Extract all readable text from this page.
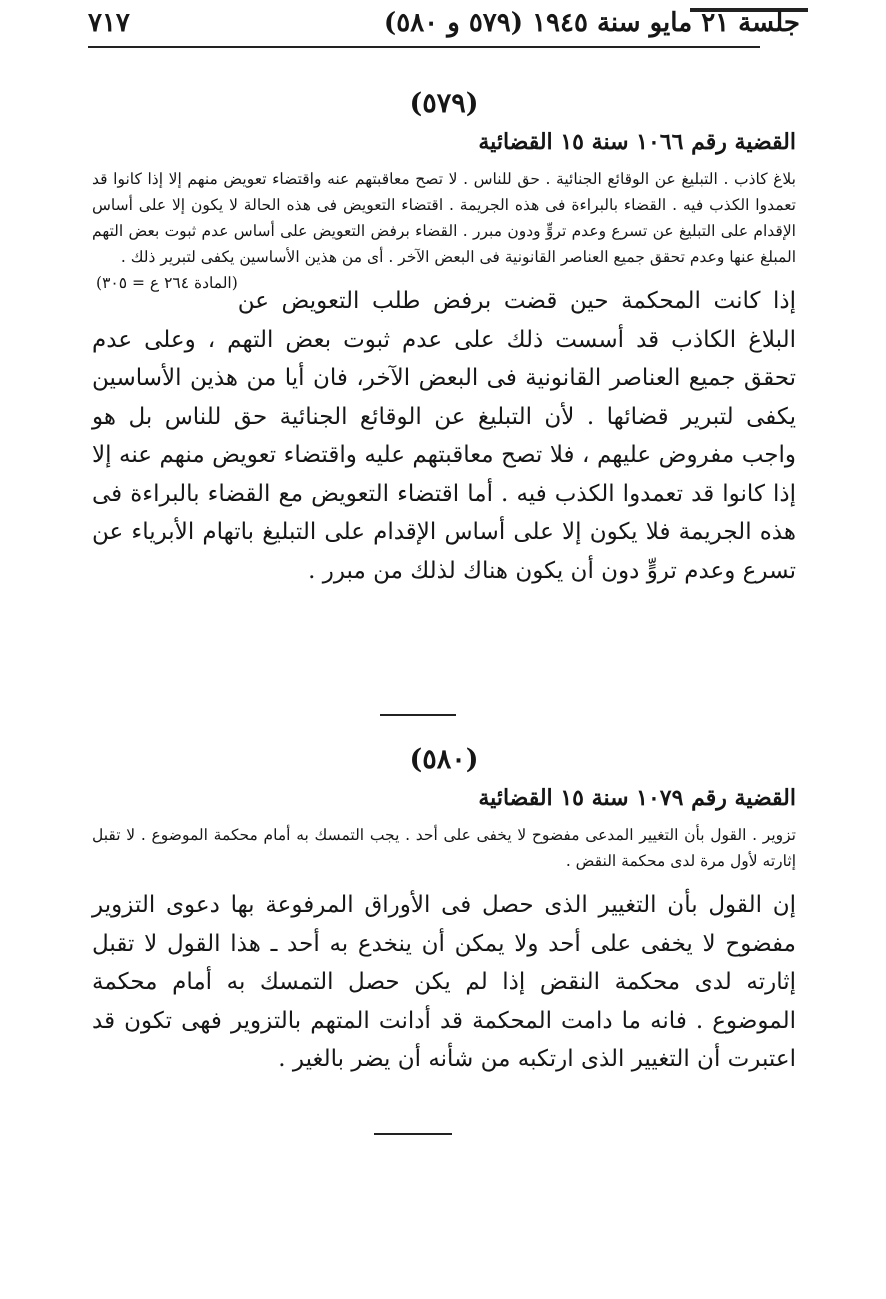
جلسة ٢١ مايو سنة ١٩٤٥ (٥٧٩ و ٥٨٠)
٧١٧

(٥٧٩)

القضية رقم ١٠٦٦ سنة ١٥ القضائية

بلاغ كاذب . التبليغ عن الوقائع الجنائية . حق للناس . لا تصح معاقبتهم عنه واقتضاء تعويض منهم إلا إذا كانوا قد تعمدوا الكذب فيه . القضاء بالبراءة فى هذه الجريمة . اقتضاء التعويض فى هذه الحالة لا يكون إلا على أساس الإقدام على التبليغ عن تسرع وعدم تروٍّ ودون مبرر . القضاء برفض التعويض على أساس عدم ثبوت بعض التهم المبلغ عنها وعدم تحقق جميع العناصر القانونية فى البعض الآخر . أى من هذين الأساسين يكفى لتبرير ذلك .
(المادة ٢٦٤ ع = ٣٠٥)

إذا كانت المحكمة حين قضت برفض طلب التعويض عن البلاغ الكاذب قد أسست ذلك على عدم ثبوت بعض التهم ، وعلى عدم تحقق جميع العناصر القانونية فى البعض الآخر، فان أيا من هذين الأساسين يكفى لتبرير قضائها . لأن التبليغ عن الوقائع الجنائية حق للناس بل هو واجب مفروض عليهم ، فلا تصح معاقبتهم عليه واقتضاء تعويض منهم عنه إلا إذا كانوا قد تعمدوا الكذب فيه . أما اقتضاء التعويض مع القضاء بالبراءة فى هذه الجريمة فلا يكون إلا على أساس الإقدام على التبليغ باتهام الأبرياء عن تسرع وعدم تروٍّ دون أن يكون هناك لذلك من مبرر .

(٥٨٠)

القضية رقم ١٠٧٩ سنة ١٥ القضائية

تزوير . القول بأن التغيير المدعى مفضوح لا يخفى على أحد . يجب التمسك به أمام محكمة الموضوع . لا تقبل إثارته لأول مرة لدى محكمة النقض .

إن القول بأن التغيير الذى حصل فى الأوراق المرفوعة بها دعوى التزوير مفضوح لا يخفى على أحد ولا يمكن أن ينخدع به أحد ـ هذا القول لا تقبل إثارته لدى محكمة النقض إذا لم يكن حصل التمسك به أمام محكمة الموضوع . فانه ما دامت المحكمة قد أدانت المتهم بالتزوير فهى تكون قد اعتبرت أن التغيير الذى ارتكبه من شأنه أن يضر بالغير .
